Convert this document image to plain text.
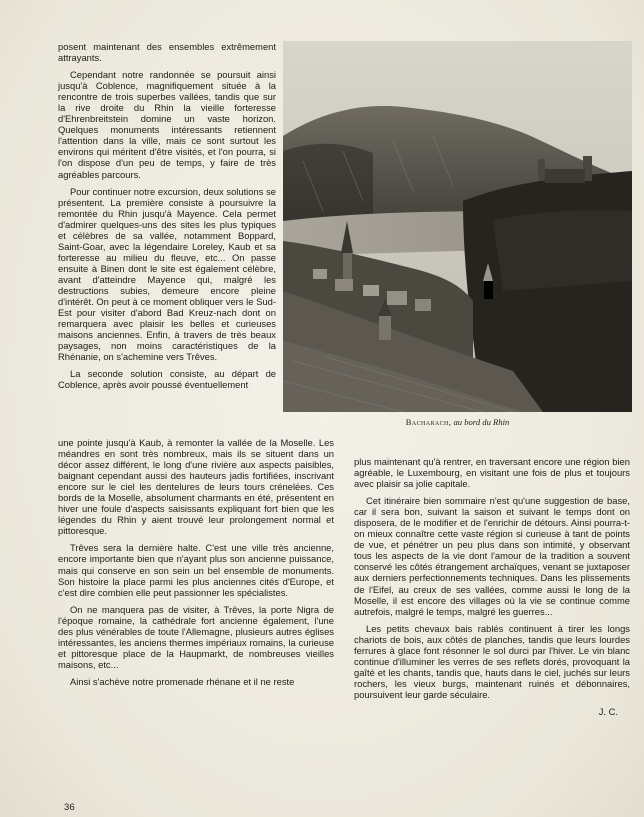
posent maintenant des ensembles extrêmement attrayants.

Cependant notre randonnée se poursuit ainsi jusqu'à Coblence, magnifiquement située à la rencontre de trois superbes vallées, tandis que sur la rive droite du Rhin la vieille forteresse d'Ehrenbreitstein domine un vaste horizon. Quelques monuments intéressants retiennent l'attention dans la ville, mais ce sont surtout les environs qui méritent d'être visités, et l'on pourra, si l'on dispose d'un peu de temps, y faire de très agréables parcours.

Pour continuer notre excursion, deux solutions se présentent. La première consiste à poursuivre la remontée du Rhin jusqu'à Mayence. Cela permet d'admirer quelques-uns des sites les plus typiques et célèbres de sa vallée, notamment Boppard, Saint-Goar, avec la légendaire Loreley, Kaub et sa forteresse au milieu du fleuve, etc... On passe ensuite à Binen dont le site est également célèbre, avant d'atteindre Mayence qui, malgré les destructions subies, demeure encore pleine d'intérêt. On peut à ce moment obliquer vers le Sud-Est pour visiter d'abord Bad Kreuz-nach dont on remarquera avec plaisir les belles et curieuses maisons anciennes. Enfin, à travers de très beaux paysages, non moins caractéristiques de la Rhénanie, on s'achemine vers Trêves.

La seconde solution consiste, au départ de Coblence, après avoir poussé éventuellement

Bacharach, au bord du Rhin

une pointe jusqu'à Kaub, à remonter la vallée de la Moselle. Les méandres en sont très nombreux, mais ils se situent dans un décor assez différent, le long d'une rivière aux aspects paisibles, baignant cependant aussi des hauteurs jadis fortifiées, inscrivant encore sur le ciel les dentelures de leurs tours crénelées. Ces bords de la Moselle, absolument charmants en été, présentent en hiver une foule d'aspects saisissants expliquant fort bien que les légendes du Rhin y aient trouvé leur prolongement normal et pittoresque.

Trêves sera la dernière halte. C'est une ville très ancienne, encore importante bien que n'ayant plus son ancienne puissance, mais qui conserve en son sein un bel ensemble de monuments. Son histoire la place parmi les plus anciennes cités d'Europe, et c'est dire combien elle peut passionner les spécialistes.

On ne manquera pas de visiter, à Trêves, la porte Nigra de l'époque romaine, la cathédrale fort ancienne également, l'une des plus vénérables de toute l'Allemagne, plusieurs autres églises intéressantes, les anciens thermes impériaux romains, la curieuse et pittoresque place de la Haupmarkt, de nombreuses vieilles maisons, etc...

Ainsi s'achève notre promenade rhénane et il ne reste

plus maintenant qu'à rentrer, en traversant encore une région bien agréable, le Luxembourg, en visitant une fois de plus et toujours avec plaisir sa jolie capitale.

Cet itinéraire bien sommaire n'est qu'une suggestion de base, car il sera bon, suivant la saison et suivant le temps dont on disposera, de le modifier et de l'enrichir de détours. Ainsi pourra-t-on mieux connaître cette vaste région si curieuse à tant de points de vue, et pénétrer un peu plus dans son intimité, y observant tous les aspects de la vie dont l'amour de la tradition a souvent conservé les côtés étrangement archaïques, venant se juxtaposer aux derniers perfectionnements techniques. Dans les plissements de l'Eifel, au creux de ses vallées, comme aussi le long de la Moselle, il est encore des villages où la vie se continue comme autrefois, malgré le temps, malgré les guerres...

Les petits chevaux bais rablés continuent à tirer les longs chariots de bois, aux côtés de planches, tandis que leurs lourdes ferrures à glace font résonner le sol durci par l'hiver. Le vin blanc continue d'illuminer les verres de ses reflets dorés, provoquant la gaîté et les chants, tandis que, hauts dans le ciel, juchés sur leurs rochers, les vieux burgs, maintenant ruinés et débonnaires, poursuivent leur garde séculaire.

J. C.
36
